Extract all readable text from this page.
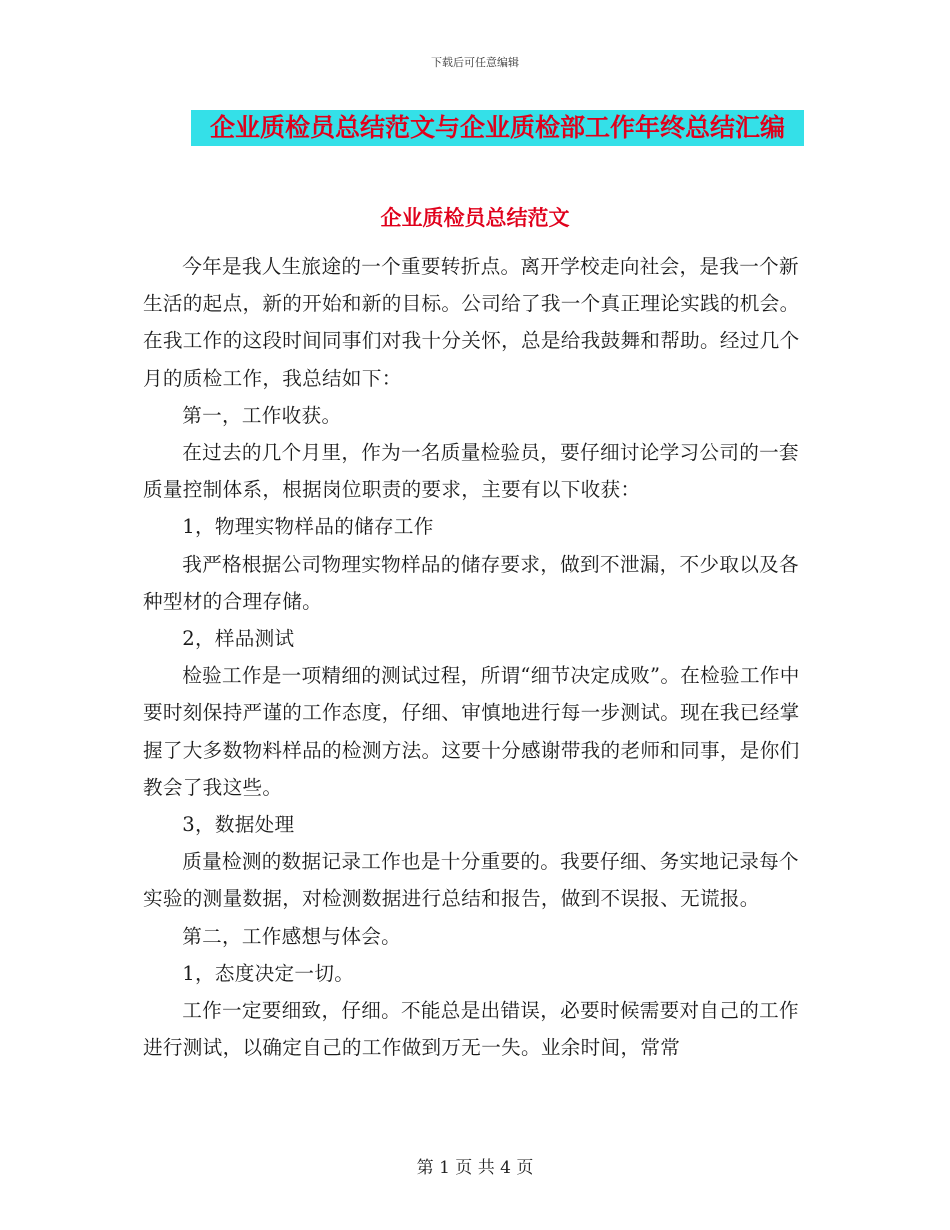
下载后可任意编辑
企业质检员总结范文与企业质检部工作年终总结汇编
企业质检员总结范文

今年是我人生旅途的一个重要转折点。离开学校走向社会，是我一个新生活的起点，新的开始和新的目标。公司给了我一个真正理论实践的机会。在我工作的这段时间同事们对我十分关怀，总是给我鼓舞和帮助。经过几个月的质检工作，我总结如下：

第一，工作收获。

在过去的几个月里，作为一名质量检验员，要仔细讨论学习公司的一套质量控制体系，根据岗位职责的要求，主要有以下收获：

1，物理实物样品的储存工作

我严格根据公司物理实物样品的储存要求，做到不泄漏，不少取以及各种型材的合理存储。

2，样品测试

检验工作是一项精细的测试过程，所谓“细节决定成败”。在检验工作中要时刻保持严谨的工作态度，仔细、审慎地进行每一步测试。现在我已经掌握了大多数物料样品的检测方法。这要十分感谢带我的老师和同事，是你们教会了我这些。

3，数据处理

质量检测的数据记录工作也是十分重要的。我要仔细、务实地记录每个实验的测量数据，对检测数据进行总结和报告，做到不误报、无谎报。

第二，工作感想与体会。

1，态度决定一切。

工作一定要细致，仔细。不能总是出错误，必要时候需要对自己的工作进行测试，以确定自己的工作做到万无一失。业余时间，常常

第 1 页 共 4 页
